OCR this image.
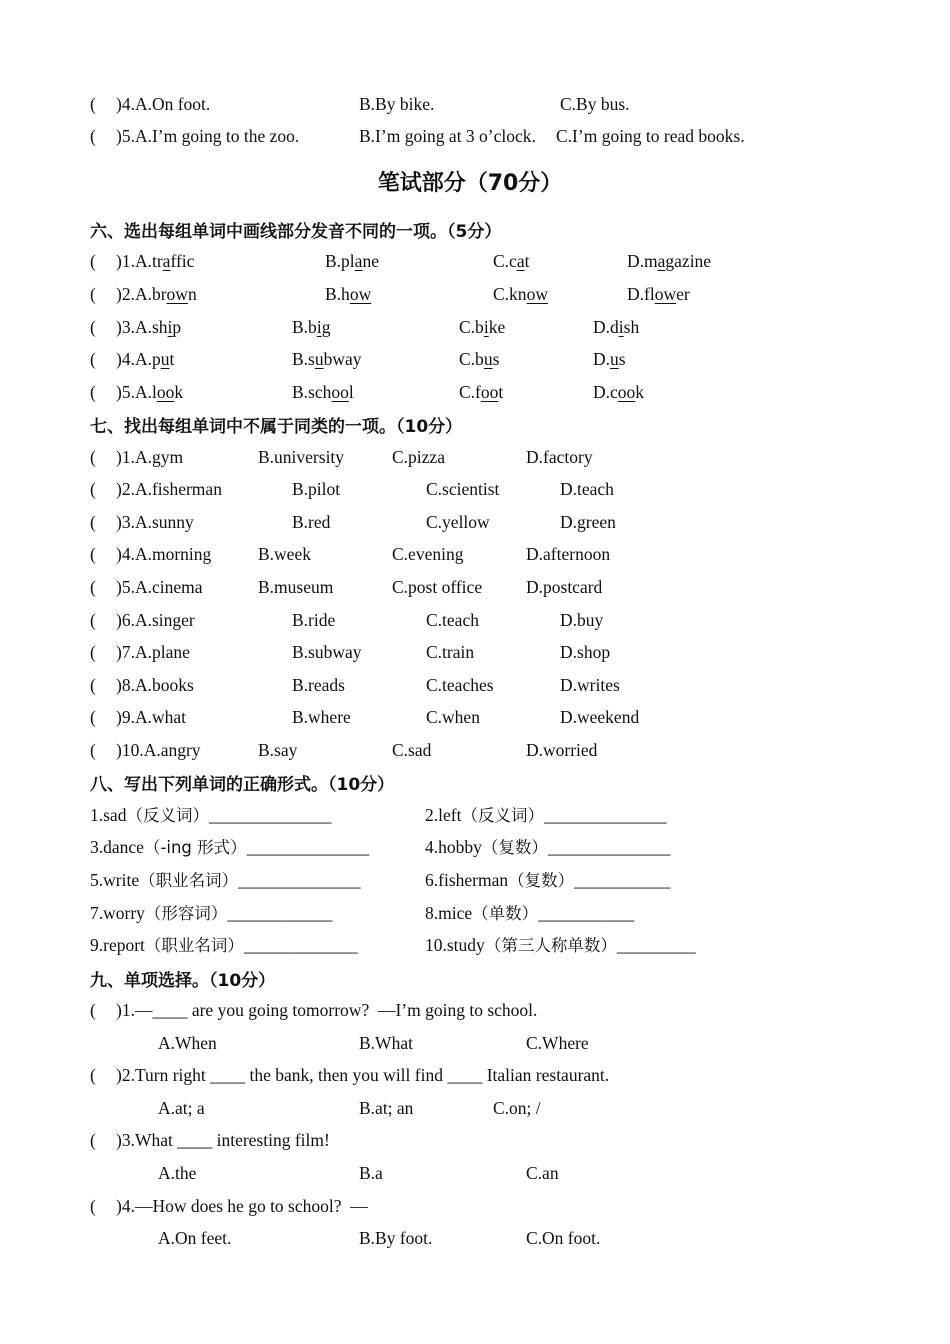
( )4.A.On foot.	B.By bike.	C.By bus.
( )5.A.I’m going to the zoo.	B.I’m going at 3 o’clock. C.I’m going to read books.
笔试部分（70分）
六、选出每组单词中画线部分发音不同的一项。（5分）
( )1.A.traffic	B.plane	C.cat	D.magazine
( )2.A.brown	B.how	C.know	D.flower
( )3.A.ship	B.big	C.bike	D.dish
( )4.A.put	B.subway	C.bus	D.us
( )5.A.look	B.school	C.foot	D.cook
七、找出每组单词中不属于同类的一项。（10分）
( )1.A.gym	B.university	C.pizza	D.factory
( )2.A.fisherman	B.pilot	C.scientist	D.teach
( )3.A.sunny	B.red	C.yellow	D.green
( )4.A.morning	B.week	C.evening	D.afternoon
( )5.A.cinema	B.museum	C.post office	D.postcard
( )6.A.singer	B.ride	C.teach	D.buy
( )7.A.plane	B.subway	C.train	D.shop
( )8.A.books	B.reads	C.teaches	D.writes
( )9.A.what	B.where	C.when	D.weekend
( )10.A.angry	B.say	C.sad	D.worried
八、写出下列单词的正确形式。（10分）
1.sad（反义词）______________	2.left（反义词）______________
3.dance（-ing 形式）______________	4.hobby（复数）______________
5.write（职业名词）______________	6.fisherman（复数）___________
7.worry（形容词）____________	8.mice（单数）___________
9.report（职业名词）_____________	10.study（第三人称单数）_________
九、单项选择。（10分）
( )1.—____ are you going tomorrow?  —I’m going to school.
A.When	B.What	C.Where
( )2.Turn right ____ the bank, then you will find ____ Italian restaurant.
A.at; a	B.at; an	C.on; /
( )3.What ____ interesting film!
A.the	B.a	C.an
( )4.—How does he go to school?  —
A.On feet.	B.By foot.	C.On foot.
